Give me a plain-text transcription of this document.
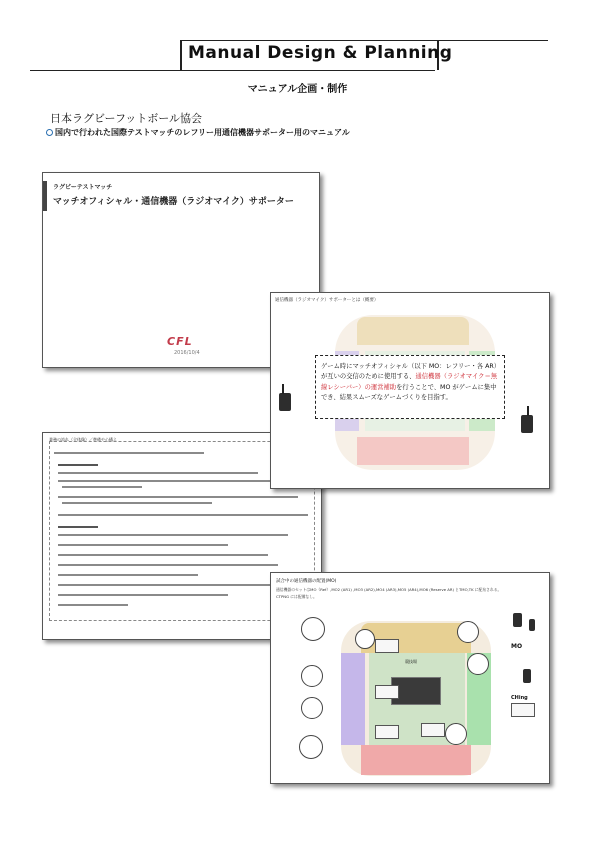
Manual Design & Planning
マニュアル企画・制作
日本ラグビーフットボール協会
国内で行われた国際テストマッチのレフリー用通信機器サポーター用のマニュアル
ラグビーテストマッチ
マッチオフィシャル・通信機器（ラジオマイク）サポーター
CFL
2016/10/4
業務の流れ（全体像）／準備や心構え
通信機器（ラジオマイク）サポーターとは（概要）
ゲーム時にマッチオフィシャル（以下 MO：レフリー・各 AR）が互いの交信のために使用する、通信機器（ラジオマイク＝無線レシーバー）の運営補助を行うことで、MO がゲームに集中でき、結果スムーズなゲームづくりを目指す。
試合中の通信機器の配置(MO)
通信機器のセットはMO（Ref）,MO2 (AR1) ,MO3 (AR2),MO4 (AR3),MO5 (AR4),MO6 (Reserve AR) とTMO,TK に配布される。
CTPNG には配備なし。
競技場
MO
CHing
